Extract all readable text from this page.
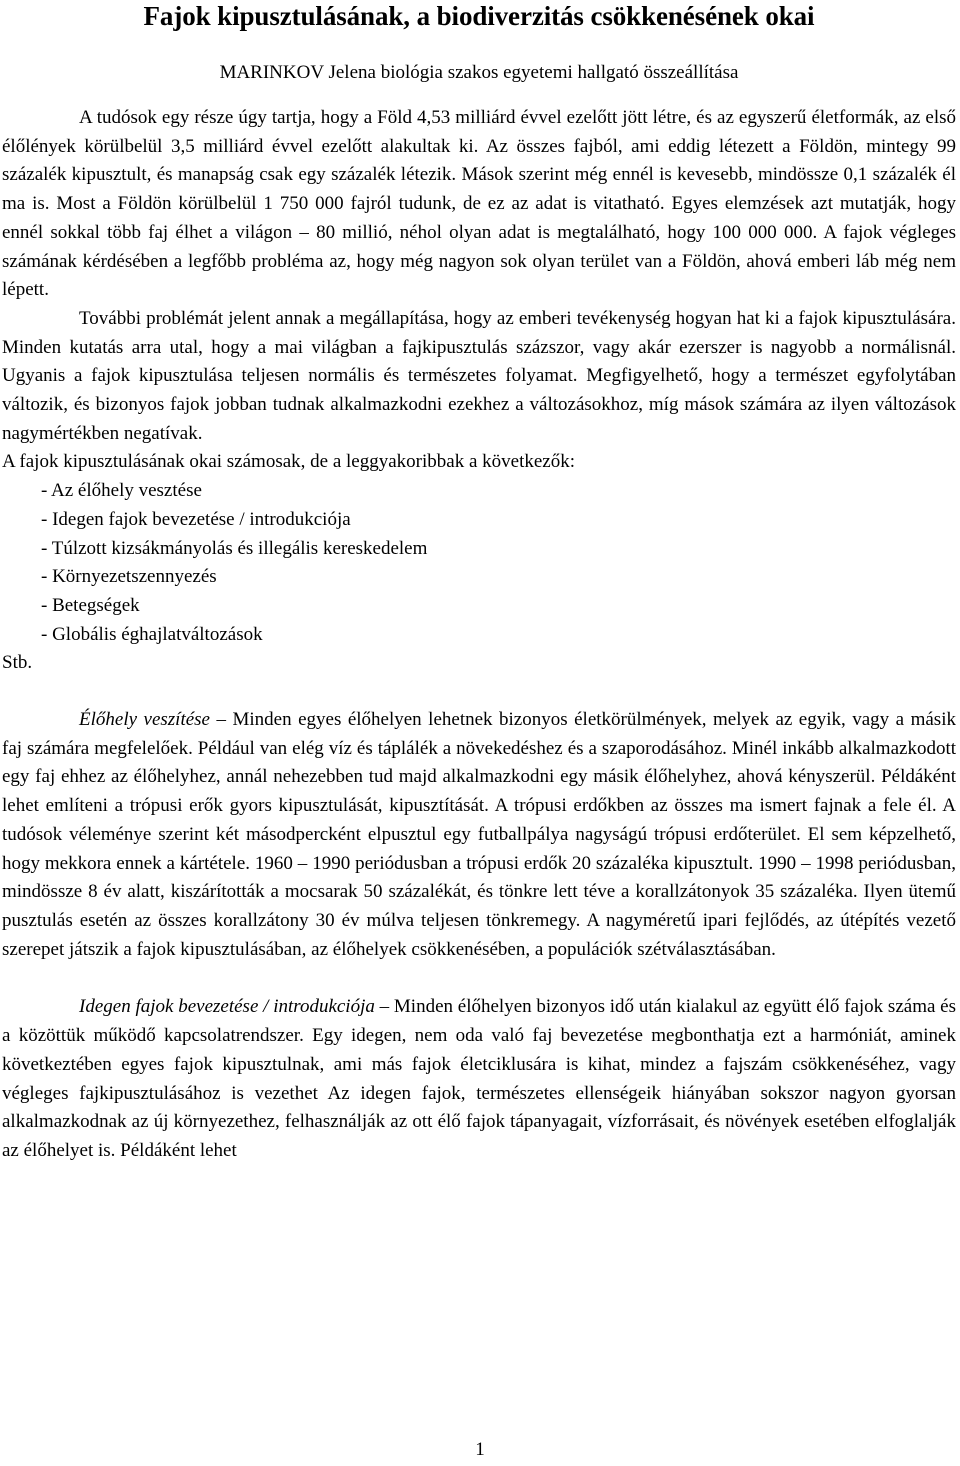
Fajok kipusztulásának, a biodiverzitás csökkenésének okai

MARINKOV Jelena biológia szakos egyetemi hallgató összeállítása

A tudósok egy része úgy tartja, hogy a Föld 4,53 milliárd évvel ezelőtt jött létre, és az egyszerű életformák, az első élőlények körülbelül 3,5 milliárd évvel ezelőtt alakultak ki. Az összes fajból, ami eddig létezett a Földön, mintegy 99 százalék kipusztult, és manapság csak egy százalék létezik. Mások szerint még ennél is kevesebb, mindössze 0,1 százalék él ma is. Most a Földön körülbelül 1 750 000 fajról tudunk, de ez az adat is vitatható. Egyes elemzések azt mutatják, hogy ennél sokkal több faj élhet a világon – 80 millió, néhol olyan adat is megtalálható, hogy 100 000 000. A fajok végleges számának kérdésében a legfőbb probléma az, hogy még nagyon sok olyan terület van a Földön, ahová emberi láb még nem lépett.

További problémát jelent annak a megállapítása, hogy az emberi tevékenység hogyan hat ki a fajok kipusztulására. Minden kutatás arra utal, hogy a mai világban a fajkipusztulás százszor, vagy akár ezerszer is nagyobb a normálisnál. Ugyanis a fajok kipusztulása teljesen normális és természetes folyamat. Megfigyelhető, hogy a természet egyfolytában változik, és bizonyos fajok jobban tudnak alkalmazkodni ezekhez a változásokhoz, míg mások számára az ilyen változások nagymértékben negatívak.

A fajok kipusztulásának okai számosak, de a leggyakoribbak a következők:

- Az élőhely vesztése
- Idegen fajok bevezetése / introdukciója
- Túlzott kizsákmányolás és illegális kereskedelem
- Környezetszennyezés
- Betegségek
- Globális éghajlatváltozások

Stb.

Élőhely veszítése – Minden egyes élőhelyen lehetnek bizonyos életkörülmények, melyek az egyik, vagy a másik faj számára megfelelőek. Például van elég víz és táplálék a növekedéshez és a szaporodásához. Minél inkább alkalmazkodott egy faj ehhez az élőhelyhez, annál nehezebben tud majd alkalmazkodni egy másik élőhelyhez, ahová kényszerül. Példáként lehet említeni a trópusi erők gyors kipusztulását, kipusztítását. A trópusi erdőkben az összes ma ismert fajnak a fele él. A tudósok véleménye szerint két másodpercként elpusztul egy futballpálya nagyságú trópusi erdőterület. El sem képzelhető, hogy mekkora ennek a kártétele. 1960 – 1990 periódusban a trópusi erdők 20 százaléka kipusztult. 1990 – 1998 periódusban, mindössze 8 év alatt, kiszárították a mocsarak 50 százalékát, és tönkre lett téve a korallzátonyok 35 százaléka. Ilyen ütemű pusztulás esetén az összes korallzátony 30 év múlva teljesen tönkremegy. A nagyméretű ipari fejlődés, az útépítés vezető szerepet játszik a fajok kipusztulásában, az élőhelyek csökkenésében, a populációk szétválasztásában.

Idegen fajok bevezetése / introdukciója – Minden élőhelyen bizonyos idő után kialakul az együtt élő fajok száma és a közöttük működő kapcsolatrendszer. Egy idegen, nem oda való faj bevezetése megbonthatja ezt a harmóniát, aminek következtében egyes fajok kipusztulnak, ami más fajok életciklusára is kihat, mindez a fajszám csökkenéséhez, vagy végleges fajkipusztulásához is vezethet Az idegen fajok, természetes ellenségeik hiányában sokszor nagyon gyorsan alkalmazkodnak az új környezethez, felhasználják az ott élő fajok tápanyagait, vízforrásait, és növények esetében elfoglalják az élőhelyet is. Példáként lehet

1
